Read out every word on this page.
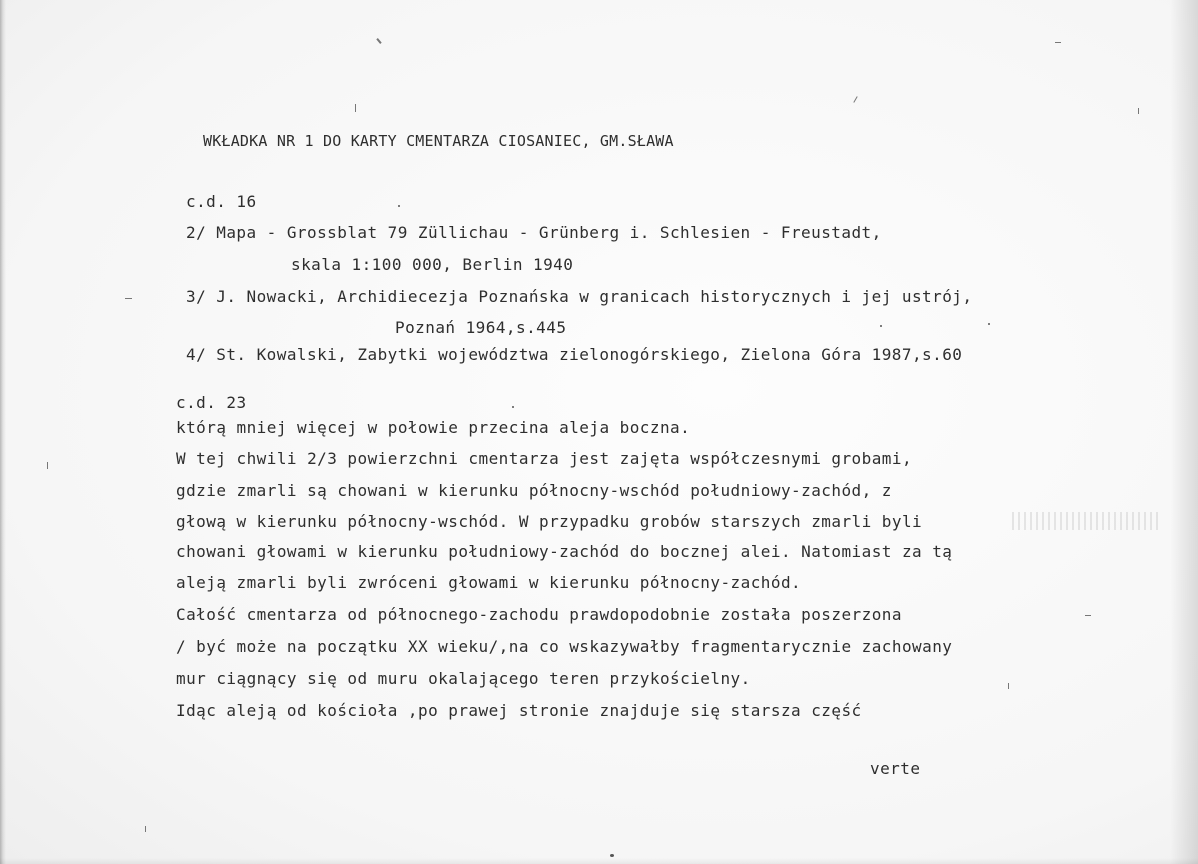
WKŁADKA NR 1 DO KARTY CMENTARZA CIOSANIEC, GM.SŁAWA
c.d. 16
2/ Mapa - Grossblat 79 Züllichau - Grünberg i. Schlesien - Freustadt,
skala 1:100 000, Berlin 1940
3/ J. Nowacki, Archidiecezja Poznańska w granicach historycznych i jej ustrój,
Poznań 1964,s.445
4/ St. Kowalski, Zabytki województwa zielonogórskiego, Zielona Góra 1987,s.60
c.d. 23
którą mniej więcej w połowie przecina aleja boczna.
W tej chwili 2/3 powierzchni cmentarza jest zajęta współczesnymi grobami,
gdzie zmarli są chowani w kierunku północny-wschód południowy-zachód, z
głową w kierunku północny-wschód. W przypadku grobów starszych zmarli byli
chowani głowami w kierunku południowy-zachód do bocznej alei. Natomiast za tą
aleją zmarli byli zwróceni głowami w kierunku północny-zachód.
Całość cmentarza od północnego-zachodu prawdopodobnie została poszerzona
/ być może na początku XX wieku/,na co wskazywałby fragmentarycznie zachowany
mur ciągnący się od muru okalającego teren przykościelny.
Idąc aleją od kościoła ,po prawej stronie znajduje się starsza część
verte
